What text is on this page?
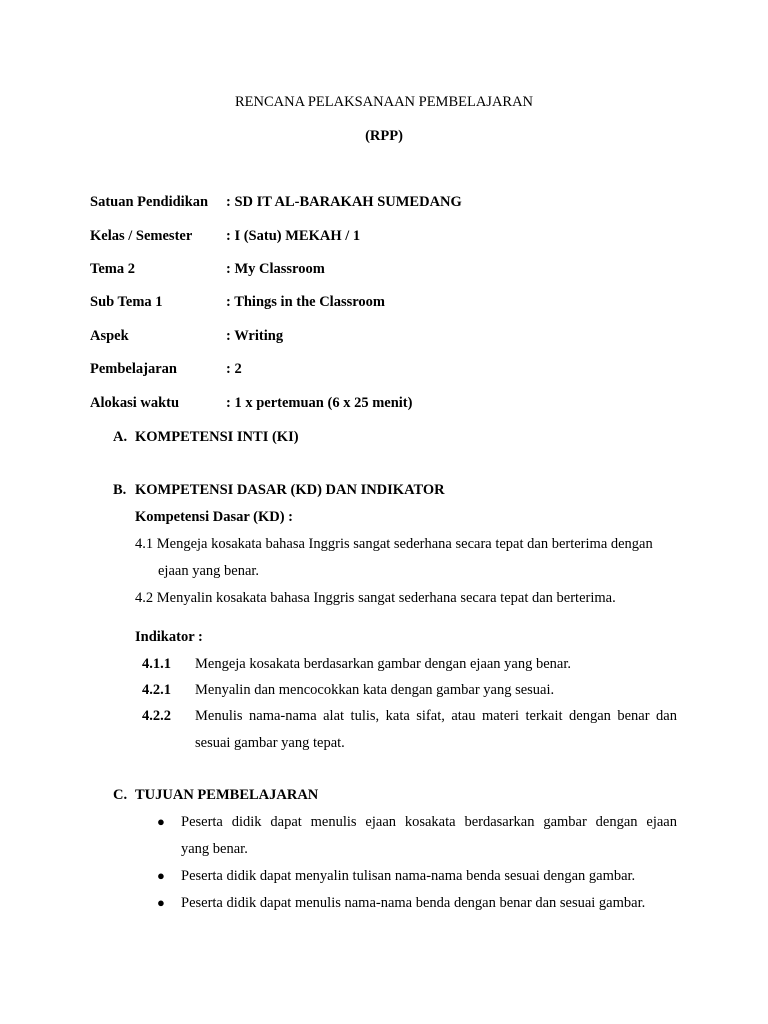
RENCANA PELAKSANAAN PEMBELAJARAN
(RPP)
Satuan Pendidikan : SD IT AL-BARAKAH SUMEDANG
Kelas / Semester : I (Satu) MEKAH / 1
Tema 2	: My Classroom
Sub Tema 1	: Things in the Classroom
Aspek	: Writing
Pembelajaran	: 2
Alokasi waktu	: 1 x pertemuan (6 x 25 menit)
A. KOMPETENSI INTI (KI)
B. KOMPETENSI DASAR (KD) DAN INDIKATOR
Kompetensi Dasar (KD) :
4.1 Mengeja kosakata bahasa Inggris sangat sederhana secara tepat dan berterima dengan
ejaan yang benar.
4.2 Menyalin kosakata bahasa Inggris sangat sederhana secara tepat dan berterima.
Indikator :
4.1.1 Mengeja kosakata berdasarkan gambar dengan ejaan yang benar.
4.2.1 Menyalin dan mencocokkan kata dengan gambar yang sesuai.
4.2.2 Menulis nama-nama alat tulis, kata sifat, atau materi terkait dengan benar dan
sesuai gambar yang tepat.
C. TUJUAN PEMBELAJARAN
● Peserta didik dapat menulis ejaan kosakata berdasarkan gambar dengan ejaan
yang benar.
● Peserta didik dapat menyalin tulisan nama-nama benda sesuai dengan gambar.
● Peserta didik dapat menulis nama-nama benda dengan benar dan sesuai gambar.
